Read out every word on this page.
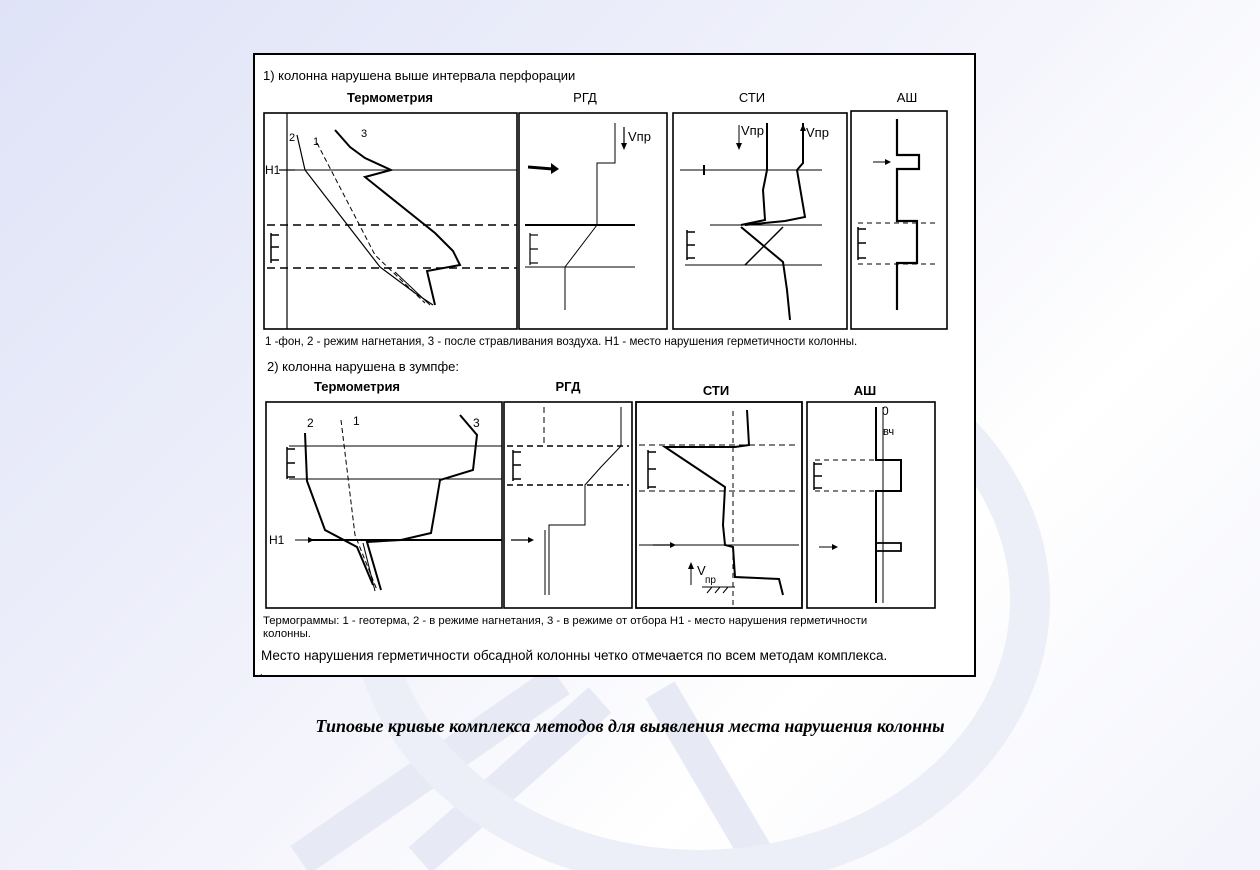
1) колонна нарушена выше интервала перфорации
Термометрия	РГД	СТИ	АШ
2 1
3
Н1
Vпр	Vпр	Vпр
1 -фон, 2 - режим нагнетания, 3 - после стравливания воздуха. Н1 - место нарушения герметичности колонны.
2) колонна нарушена в зумпфе:
Термометрия	РГД	СТИ	АШ
Н1
2	1	3
V
пр
0
вч
Термограммы: 1 - геотерма, 2 - в режиме нагнетания, 3 - в режиме от отбора Н1 - место нарушения герметичности
колонны.
Место нарушения герметичности обсадной колонны четко отмечается по всем методам комплекса.
.
Типовые кривые комплекса методов для выявления места нарушения колонны
